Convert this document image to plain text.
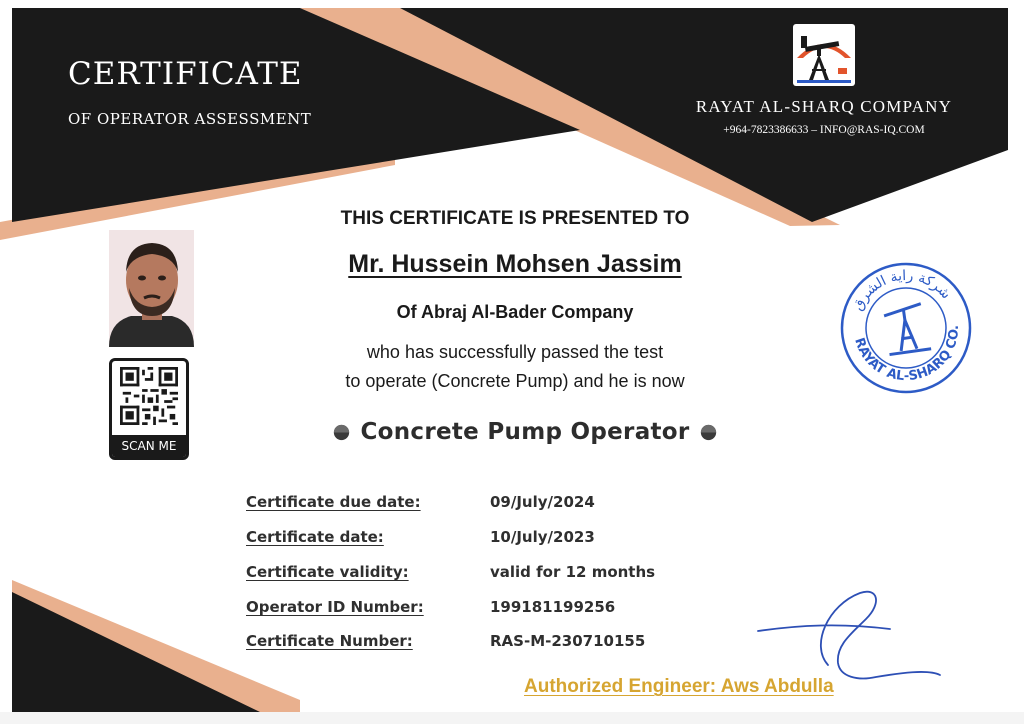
CERTIFICATE
OF OPERATOR ASSESSMENT
RAYAT AL-SHARQ COMPANY
+964-7823386633 – INFO@RAS-IQ.COM
SCAN ME
THIS CERTIFICATE IS PRESENTED TO
Mr. Hussein Mohsen Jassim
Of Abraj Al-Bader Company
who has successfully passed the test
to operate (Concrete Pump) and he is now
Concrete Pump Operator
Certificate due date:	09/July/2024
Certificate date:	10/July/2023
Certificate validity:	valid for 12 months
Operator ID Number:	199181199256
Certificate Number:	RAS-M-230710155
شركة راية الشرق
RAYAT AL-SHARQ CO.
Authorized Engineer: Aws Abdulla
